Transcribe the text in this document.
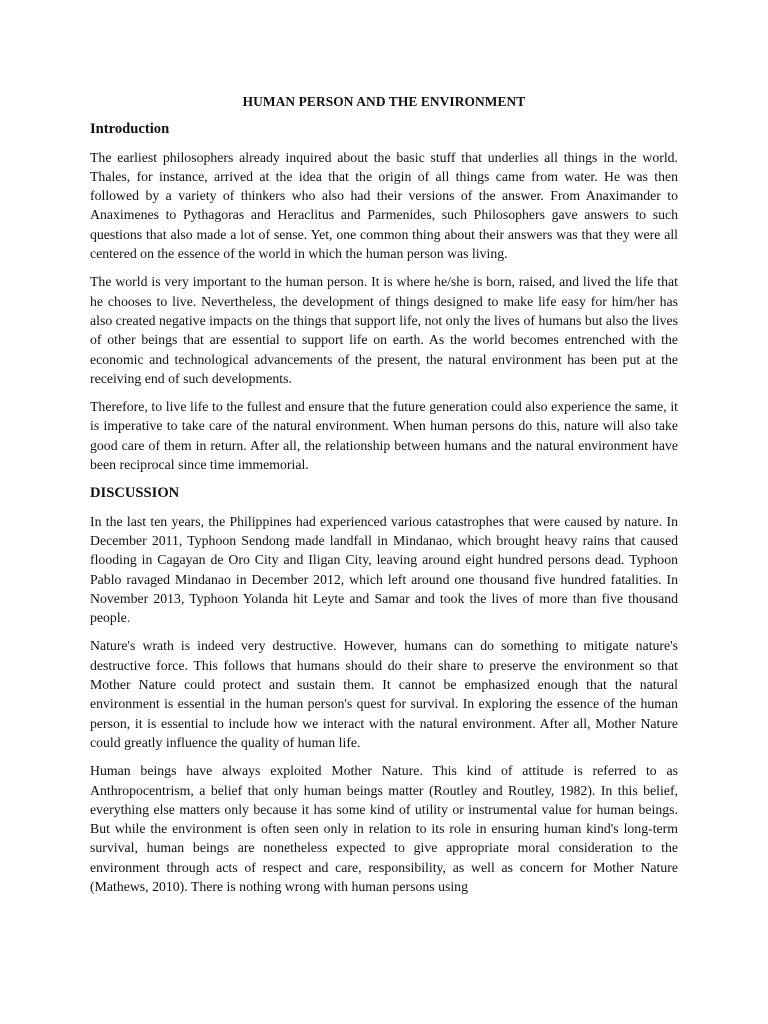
HUMAN PERSON AND THE ENVIRONMENT
Introduction

The earliest philosophers already inquired about the basic stuff that underlies all things in the world. Thales, for instance, arrived at the idea that the origin of all things came from water. He was then followed by a variety of thinkers who also had their versions of the answer. From Anaximander to Anaximenes to Pythagoras and Heraclitus and Parmenides, such Philosophers gave answers to such questions that also made a lot of sense. Yet, one common thing about their answers was that they were all centered on the essence of the world in which the human person was living.

The world is very important to the human person. It is where he/she is born, raised, and lived the life that he chooses to live. Nevertheless, the development of things designed to make life easy for him/her has also created negative impacts on the things that support life, not only the lives of humans but also the lives of other beings that are essential to support life on earth. As the world becomes entrenched with the economic and technological advancements of the present, the natural environment has been put at the receiving end of such developments.

Therefore, to live life to the fullest and ensure that the future generation could also experience the same, it is imperative to take care of the natural environment. When human persons do this, nature will also take good care of them in return. After all, the relationship between humans and the natural environment have been reciprocal since time immemorial.

DISCUSSION

In the last ten years, the Philippines had experienced various catastrophes that were caused by nature. In December 2011, Typhoon Sendong made landfall in Mindanao, which brought heavy rains that caused flooding in Cagayan de Oro City and Iligan City, leaving around eight hundred persons dead. Typhoon Pablo ravaged Mindanao in December 2012, which left around one thousand five hundred fatalities. In November 2013, Typhoon Yolanda hit Leyte and Samar and took the lives of more than five thousand people.

Nature's wrath is indeed very destructive. However, humans can do something to mitigate nature's destructive force. This follows that humans should do their share to preserve the environment so that Mother Nature could protect and sustain them. It cannot be emphasized enough that the natural environment is essential in the human person's quest for survival. In exploring the essence of the human person, it is essential to include how we interact with the natural environment. After all, Mother Nature could greatly influence the quality of human life.

Human beings have always exploited Mother Nature. This kind of attitude is referred to as Anthropocentrism, a belief that only human beings matter (Routley and Routley, 1982). In this belief, everything else matters only because it has some kind of utility or instrumental value for human beings. But while the environment is often seen only in relation to its role in ensuring human kind's long-term survival, human beings are nonetheless expected to give appropriate moral consideration to the environment through acts of respect and care, responsibility, as well as concern for Mother Nature (Mathews, 2010). There is nothing wrong with human persons using
